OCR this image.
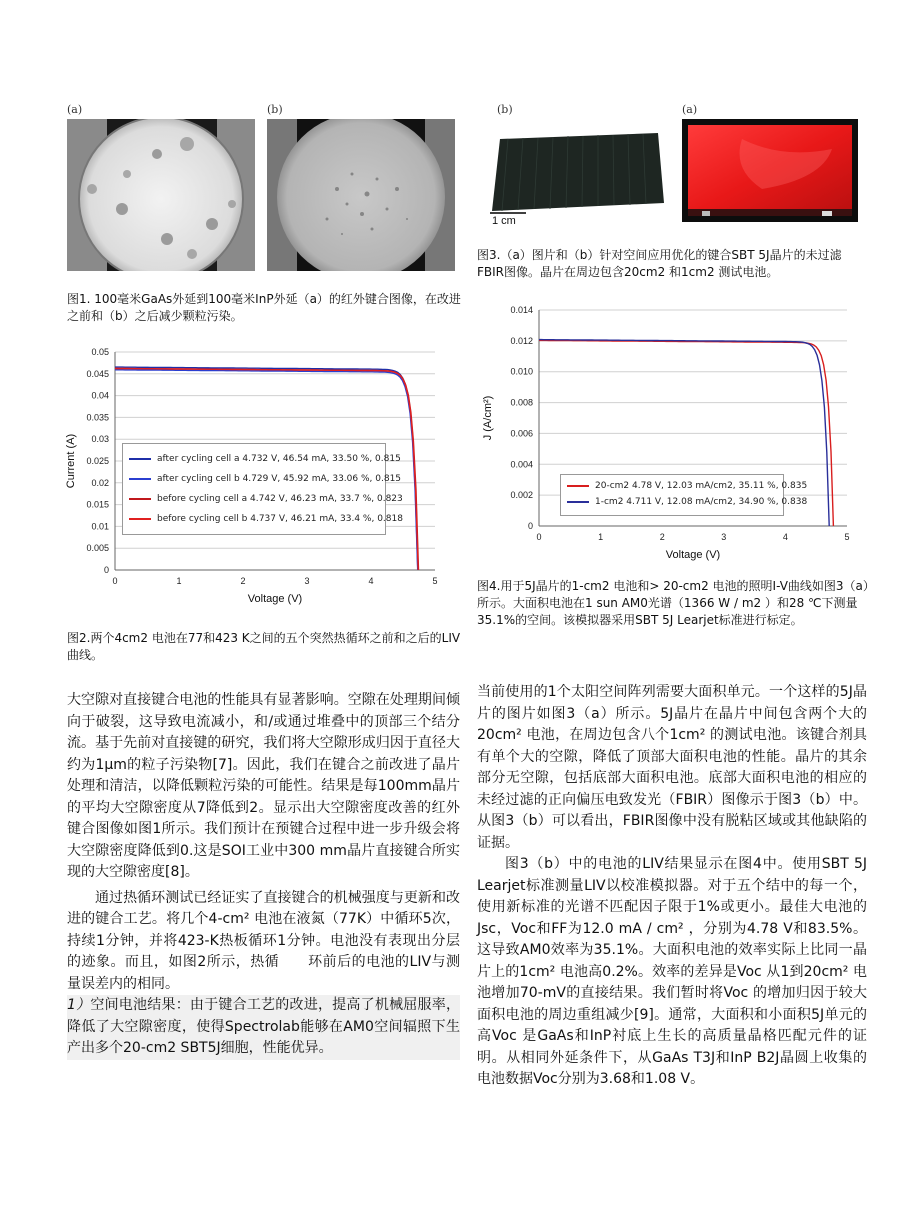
(a)	(b)
图1. 100毫米GaAs外延到100毫米InP外延（a）的红外键合图像，在改进之前和（b）之后减少颗粒污染。
(b)
1 cm
(a)
图3.（a）图片和（b）针对空间应用优化的键合SBT 5J晶片的未过滤FBIR图像。晶片在周边包含20cm2 和1cm2 测试电池。
0
0.005
0.01
0.015
0.02
0.025
0.03
0.035
0.04
0.045
0.05
0	1	2	3	4	5
Voltage (V)
Current (A)	after cycling cell a 4.732 V, 46.54 mA, 33.50 %, 0.815
after cycling cell b 4.729 V, 45.92 mA, 33.06 %, 0.815
before cycling cell a 4.742 V, 46.23 mA, 33.7 %, 0.823
before cycling cell b 4.737 V, 46.21 mA, 33.4 %, 0.818
图2.两个4cm2 电池在77和423 K之间的五个突然热循环之前和之后的LIV曲线。
0
0.002
0.004
0.006
0.008
0.010
0.012
0.014
0	1	2	3	4	5
Voltage (V)
J (A/cm²)
20-cm2 4.78 V, 12.03 mA/cm2, 35.11 %, 0.835
1-cm2 4.711 V, 12.08 mA/cm2, 34.90 %, 0.838
图4.用于5J晶片的1-cm2 电池和> 20-cm2 电池的照明I-V曲线如图3（a）所示。大面积电池在1 sun AM0光谱（1366 W / m2 ）和28 ℃下测量35.1%的空间。该模拟器采用SBT 5J Learjet标准进行标定。

大空隙对直接键合电池的性能具有显著影响。空隙在处理期间倾向于破裂，这导致电流减小，和/或通过堆叠中的顶部三个结分流。基于先前对直接键的研究，我们将大空隙形成归因于直径大约为1μm的粒子污染物[7]。因此，我们在键合之前改进了晶片处理和清洁，以降低颗粒污染的可能性。结果是每100mm晶片的平均大空隙密度从7降低到2。显示出大空隙密度改善的红外键合图像如图1所示。我们预计在预键合过程中进一步升级会将大空隙密度降低到0.这是SOI工业中300 mm晶片直接键合所实现的大空隙密度[8]。

通过热循环测试已经证实了直接键合的机械强度与更新和改进的键合工艺。将几个4-cm² 电池在液氮（77K）中循环5次，持续1分钟，并将423-K热板循环1分钟。电池没有表现出分层的迹象。而且，如图2所示，热循　　环前后的电池的LIV与测量误差内的相同。

1）空间电池结果：由于键合工艺的改进，提高了机械屈服率，降低了大空隙密度，使得Spectrolab能够在AM0空间辐照下生产出多个20-cm2 SBT5J细胞，性能优异。

当前使用的1个太阳空间阵列需要大面积单元。一个这样的5J晶片的图片如图3（a）所示。5J晶片在晶片中间包含两个大的20cm² 电池，在周边包含八个1cm² 的测试电池。该键合剂具有单个大的空隙，降低了顶部大面积电池的性能。晶片的其余部分无空隙，包括底部大面积电池。底部大面积电池的相应的未经过滤的正向偏压电致发光（FBIR）图像示于图3（b）中。从图3（b）可以看出，FBIR图像中没有脱粘区域或其他缺陷的证据。

图3（b）中的电池的LIV结果显示在图4中。使用SBT 5J Learjet标准测量LIV以校准模拟器。对于五个结中的每一个，使用新标准的光谱不匹配因子限于1%或更小。最佳大电池的Jsc，Voc和FF为12.0 mA / cm² ，分别为4.78 V和83.5%。这导致AM0效率为35.1%。大面积电池的效率实际上比同一晶片上的1cm² 电池高0.2%。效率的差异是Voc 从1到20cm² 电池增加70-mV的直接结果。我们暂时将Voc 的增加归因于较大面积电池的周边重组减少[9]。通常，大面积和小面积5J单元的高Voc 是GaAs和InP衬底上生长的高质量晶格匹配元件的证明。从相同外延条件下，从GaAs T3J和InP B2J晶圆上收集的电池数据Voc分别为3.68和1.08 V。
